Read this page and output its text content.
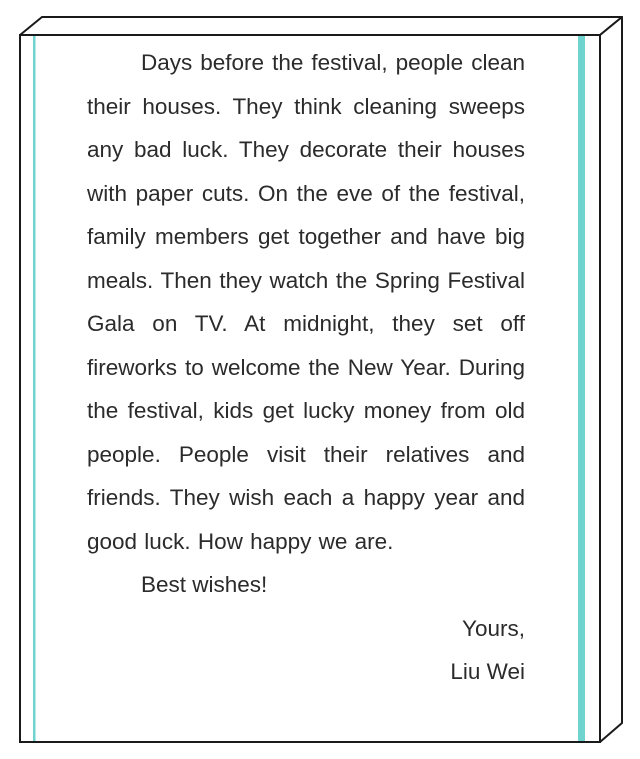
Days before the festival, people clean their houses. They think cleaning sweeps any bad luck. They decorate their houses with paper cuts. On the eve of the festival, family members get together and have big meals. Then they watch the Spring Festival Gala on TV. At midnight, they set off fireworks to welcome the New Year. During the festival, kids get lucky money from old people. People visit their relatives and friends. They wish each a happy year and good luck. How happy we are.

Best wishes!

Yours,

Liu Wei
